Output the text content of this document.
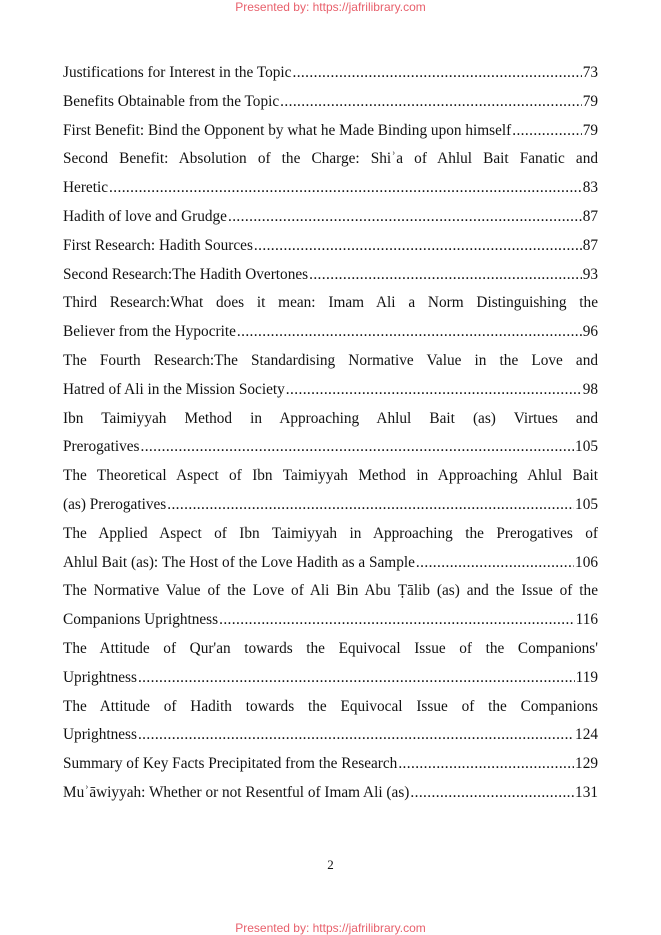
Presented by: https://jafrilibrary.com
Justifications for Interest in the Topic .....	73
Benefits Obtainable from the Topic .....	79
First Benefit: Bind the Opponent by what he Made Binding upon himself .....	79
Second Benefit: Absolution of the Charge: Shiʾa of Ahlul Bait Fanatic and
Heretic .....	83
Hadith of love and Grudge .....	87
First Research: Hadith Sources .....	87
Second Research:The Hadith Overtones .....	93
Third Research:What does it mean: Imam Ali a Norm Distinguishing the
Believer from the Hypocrite .....	96
The Fourth Research:The Standardising Normative Value in the Love and
Hatred of Ali in the Mission Society .....	98
Ibn Taimiyyah Method in Approaching Ahlul Bait (as) Virtues and
Prerogatives .....	105
The Theoretical Aspect of Ibn Taimiyyah Method in Approaching Ahlul Bait
(as) Prerogatives .....	105
The Applied Aspect of Ibn Taimiyyah in Approaching the Prerogatives of
Ahlul Bait (as): The Host of the Love Hadith as a Sample .....	106
The Normative Value of the Love of Ali Bin Abu Ṭālib (as) and the Issue of the
Companions Uprightness .....	116
The Attitude of Qur'an towards the Equivocal Issue of the Companions'
Uprightness .....	119
The Attitude of Hadith towards the Equivocal Issue of the Companions
Uprightness .....	124
Summary of Key Facts Precipitated from the Research .....	129
Muʾāwiyyah: Whether or not Resentful of Imam Ali (as) .....	131
2
Presented by: https://jafrilibrary.com
